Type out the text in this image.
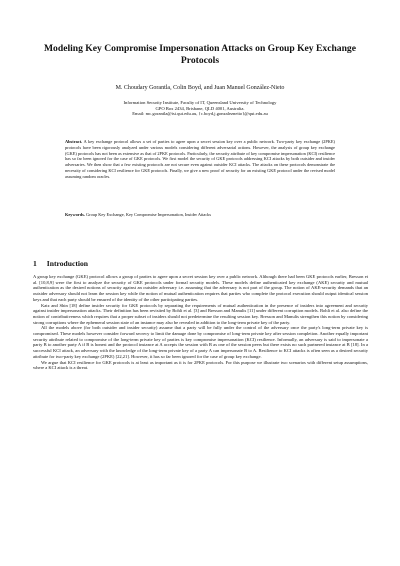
Modeling Key Compromise Impersonation Attacks on Group Key Exchange Protocols
M. Choudary Gorantla, Colin Boyd, and Juan Manuel González-Nieto
Information Security Institute, Faculty of IT, Queensland University of Technology
GPO Box 2434, Brisbane, QLD 4001, Australia.
Email: mc.gorantla@isi.qut.edu.au, {c.boyd,j.gonzalezneito}@qut.edu.au
Abstract. A key exchange protocol allows a set of parties to agree upon a secret session key over a public network. Two-party key exchange (2PKE) protocols have been rigorously analyzed under various models considering different adversarial actions. However, the analysis of group key exchange (GKE) protocols has not been as extensive as that of 2PKE protocols. Particularly, the security attribute of key compromise impersonation (KCI) resilience has so far been ignored for the case of GKE protocols. We first model the security of GKE protocols addressing KCI attacks by both outsider and insider adversaries. We then show that a few existing protocols are not secure even against outsider KCI attacks. The attacks on these protocols demonstrate the necessity of considering KCI resilience for GKE protocols. Finally, we give a new proof of security for an existing GKE protocol under the revised model assuming random oracles.
Keywords. Group Key Exchange, Key Compromise Impersonation, Insider Attacks
1 Introduction

A group key exchange (GKE) protocol allows a group of parties to agree upon a secret session key over a public network. Although there had been GKE protocols earlier, Bresson et al. [10,8,9] were the first to analyze the security of GKE protocols under formal security models. These models define authenticated key exchange (AKE) security and mutual authentication as the desired notions of security against an outsider adversary i.e. assuming that the adversary is not part of the group. The notion of AKE-security demands that an outsider adversary should not learn the session key while the notion of mutual authentication requires that parties who complete the protocol execution should output identical session keys and that each party should be ensured of the identity of the other participating parties.

Katz and Shin [18] define insider security for GKE protocols by separating the requirements of mutual authentication in the presence of insiders into agreement and security against insider impersonation attacks. Their definition has been revisited by Bohli et al. [3] and Bresson and Manulis [11] under different corruption models. Bohli et al. also define the notion of contributiveness which requires that a proper subset of insiders should not predetermine the resulting session key. Bresson and Manulis strengthen this notion by considering strong corruptions where the ephemeral session state of an instance may also be revealed in addition to the long-term private key of the party.

All the models above (for both outsider and insider security) assume that a party will be fully under the control of the adversary once the party's long-term private key is compromised. These models however consider forward secrecy to limit the damage done by compromise of long-term private key after session completion. Another equally important security attribute related to compromise of the long-term private key of parties is key compromise impersonation (KCI) resilience. Informally, an adversary is said to impersonate a party B to another party A if B is honest and the protocol instance at A accepts the session with B as one of the session peers but there exists no such partnered instance at B [18]. In a successful KCI attack, an adversary with the knowledge of the long-term private key of a party A can impersonate B to A. Resilience to KCI attacks is often seen as a desired security attribute for two-party key exchange (2PKE) [22,21]. However, it has so far been ignored for the case of group key exchange.

We argue that KCI resilience for GKE protocols is at least as important as it is for 2PKE protocols. For this purpose we illustrate two scenarios with different setup assumptions, where a KCI attack is a threat.
